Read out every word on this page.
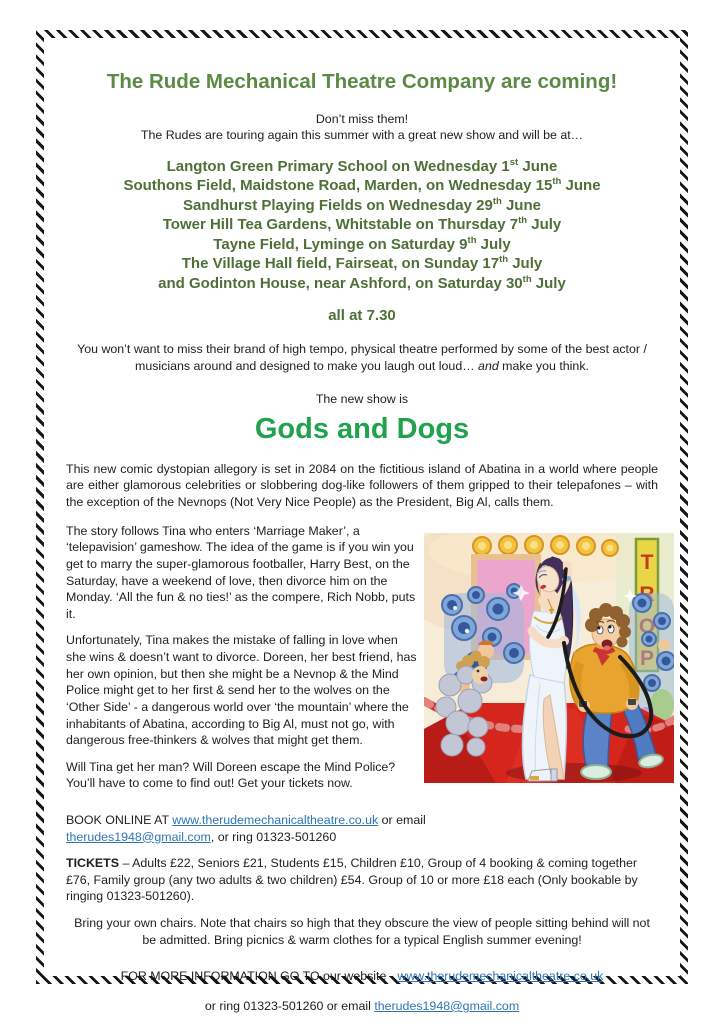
The Rude Mechanical Theatre Company are coming!
Don’t miss them!
The Rudes are touring again this summer with a great new show and will be at…
Langton Green Primary School on Wednesday 1st June
Southons Field, Maidstone Road, Marden, on Wednesday 15th June
Sandhurst Playing Fields on Wednesday 29th June
Tower Hill Tea Gardens, Whitstable on Thursday 7th July
Tayne Field, Lyminge on Saturday 9th July
The Village Hall field, Fairseat, on Sunday 17th July
and Godinton House, near Ashford, on Saturday 30th July
all at 7.30
You won’t want to miss their brand of high tempo, physical theatre performed by some of the best actor / musicians around and designed to make you laugh out loud… and make you think.
The new show is
Gods and Dogs

This new comic dystopian allegory is set in 2084 on the fictitious island of Abatina in a world where people are either glamorous celebrities or slobbering dog-like followers of them gripped to their telepafones – with the exception of the Nevnops (Not Very Nice People) as the President, Big Al, calls them.

The story follows Tina who enters ‘Marriage Maker’, a ‘telepavision’ gameshow. The idea of the game is if you win you get to marry the super-glamorous footballer, Harry Best, on the Saturday, have a weekend of love, then divorce him on the Monday. ‘All the fun & no ties!’ as the compere, Rich Nobb, puts it.

Unfortunately, Tina makes the mistake of falling in love when she wins & doesn’t want to divorce. Doreen, her best friend, has her own opinion, but then she might be a Nevnop & the Mind Police might get to her first & send her to the wolves on the ‘Other Side’ - a dangerous world over ‘the mountain’ where the inhabitants of Abatina, according to Big Al, must not go, with dangerous free-thinkers & wolves that might get them.

Will Tina get her man? Will Doreen escape the Mind Police? You’ll have to come to find out! Get your tickets now.

T
BOOK ONLINE AT www.therudemechanicaltheatre.co.uk or email therudes1948@gmail.com, or ring 01323-501260
TICKETS – Adults £22, Seniors £21, Students £15, Children £10, Group of 4 booking & coming together £76, Family group (any two adults & two children) £54. Group of 10 or more £18 each (Only bookable by ringing 01323-501260).
Bring your own chairs. Note that chairs so high that they obscure the view of people sitting behind will not be admitted. Bring picnics & warm clothes for a typical English summer evening!
FOR MORE INFORMATION GO TO our website - www.therudemechanicaltheatre.co.uk
or ring 01323-501260 or email therudes1948@gmail.com
